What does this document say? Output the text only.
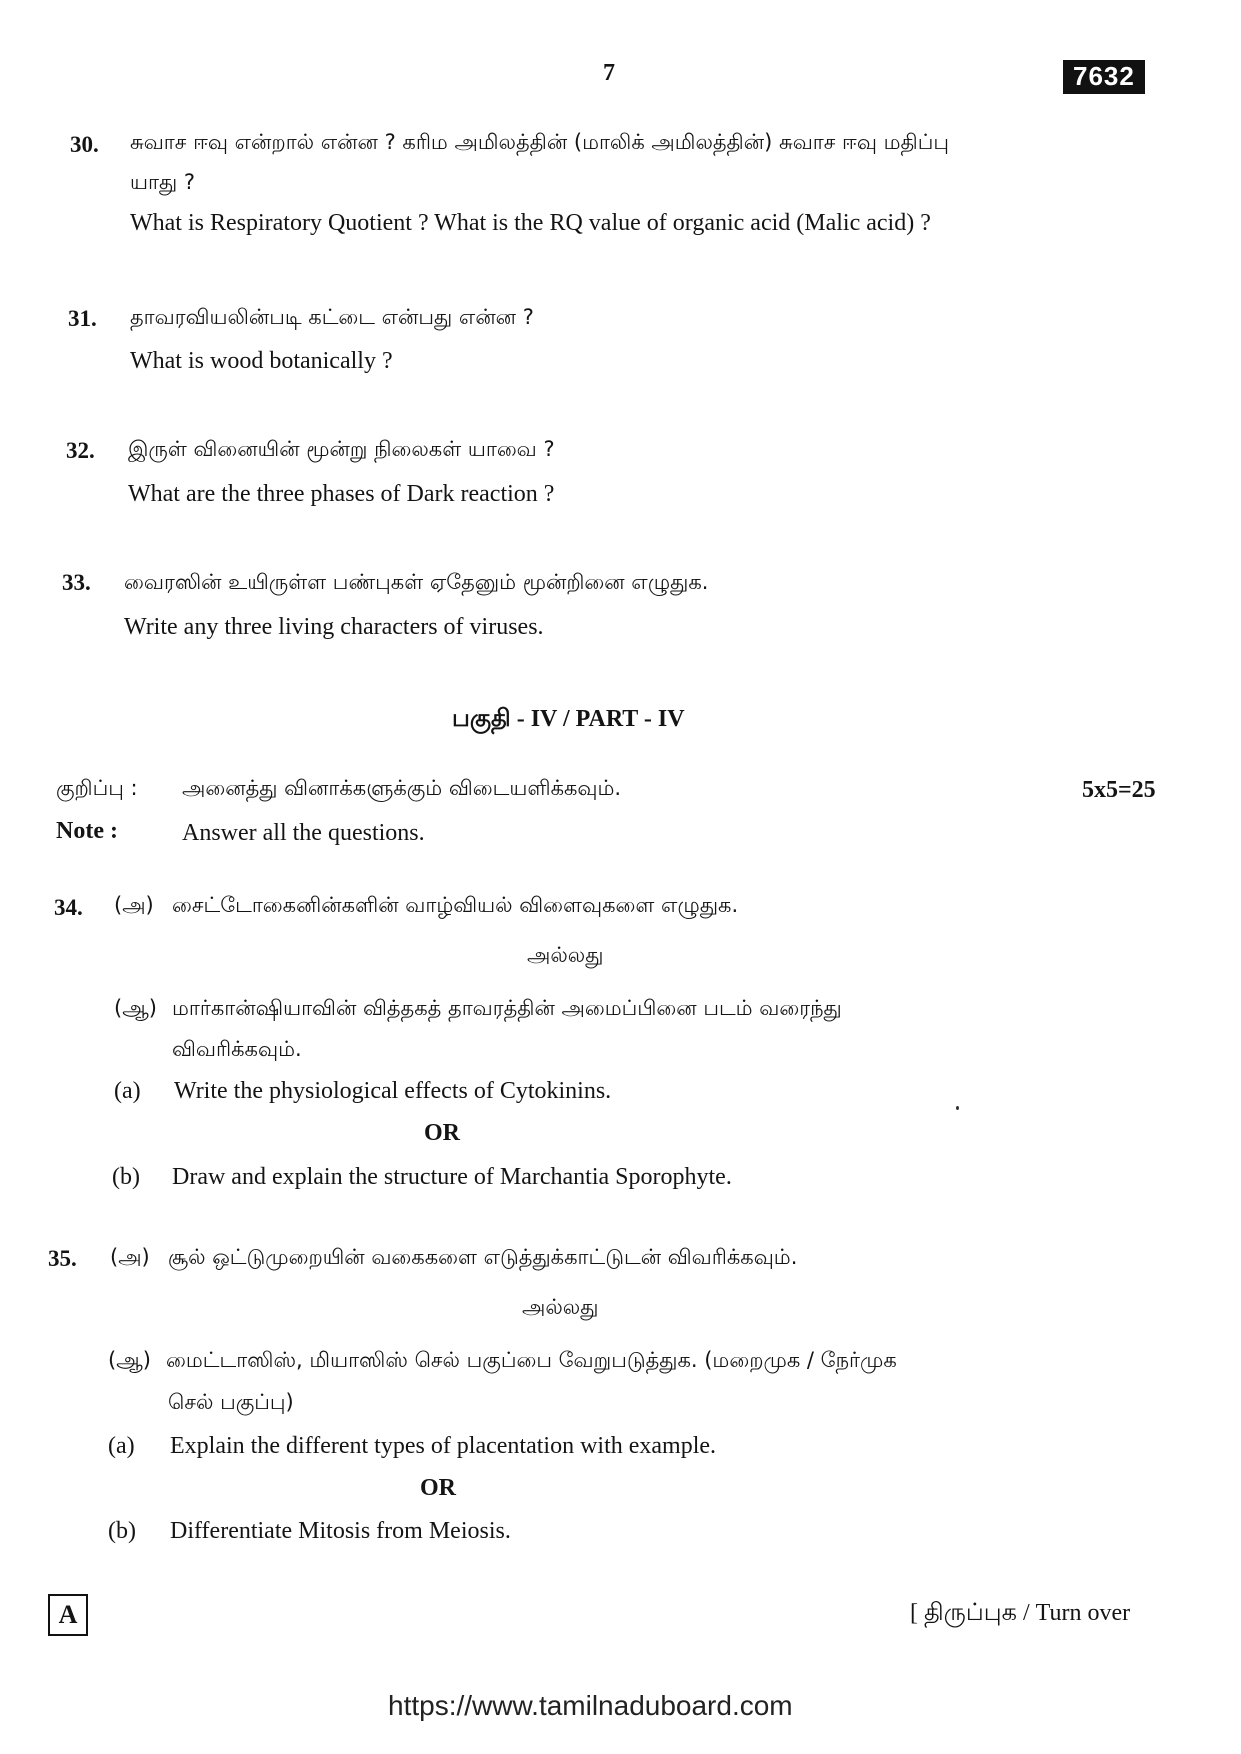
7	7632
30. சுவாச ஈவு என்றால் என்ன ? கரிம அமிலத்தின் (மாலிக் அமிலத்தின்) சுவாச ஈவு மதிப்பு
யாது ?
What is Respiratory Quotient ? What is the RQ value of organic acid (Malic acid) ?
31. தாவரவியலின்படி கட்டை என்பது என்ன ?
What is wood botanically ?
32. இருள் வினையின் மூன்று நிலைகள் யாவை ?
What are the three phases of Dark reaction ?
33. வைரஸின் உயிருள்ள பண்புகள் ஏதேனும் மூன்றினை எழுதுக.
Write any three living characters of viruses.
பகுதி - IV / PART - IV
குறிப்பு : அனைத்து வினாக்களுக்கும் விடையளிக்கவும்.	5x5=25
Note :	Answer all the questions.
34. (அ) சைட்டோகைனின்களின் வாழ்வியல் விளைவுகளை எழுதுக.
அல்லது
(ஆ) மார்கான்ஷியாவின் வித்தகத் தாவரத்தின் அமைப்பினை படம் வரைந்து
விவரிக்கவும்.
(a) Write the physiological effects of Cytokinins.
OR
(b) Draw and explain the structure of Marchantia Sporophyte.
35. (அ) சூல் ஒட்டுமுறையின் வகைகளை எடுத்துக்காட்டுடன் விவரிக்கவும்.
அல்லது
(ஆ) மைட்டாஸிஸ், மியாஸிஸ் செல் பகுப்பை வேறுபடுத்துக. (மறைமுக / நேர்முக
செல் பகுப்பு)
(a) Explain the different types of placentation with example.
OR
(b) Differentiate Mitosis from Meiosis.
A	[ திருப்புக / Turn over
https://www.tamilnaduboard.com
